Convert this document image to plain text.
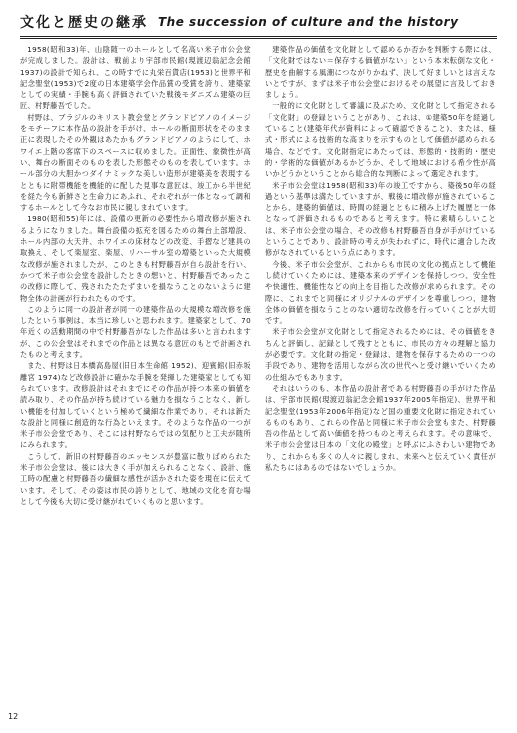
文化と歴史の継承 The succession of culture and the history

1958(昭和33)年、山陰随一のホールとして名高い米子市公会堂が完成しました。設計は、戦前より宇部市民館(現渡辺翁記念会館1937)の設計で知られ、この時すでに丸栄百貨店(1953)と世界平和記念聖堂(1953)で2度の日本建築学会作品賞の受賞を誇り、建築家としての実績・手腕も高く評価されていた戦後モダニズム建築の巨匠、村野藤吾でした。

村野は、ブラジルのキリスト教会堂とグランドピアノのイメージをモチーフに本作品の設計を手がけ、ホールの断面形状をそのまま正に表現したその外観はあたかもグランドピアノのようにして、ホワイエ上階の客席下のスペースに収めました。正面性、象徴性が高い、舞台の断面そのものを表した形態そのものを表しています。ホール部分の大胆かつダイナミックな美しい造形が建築美を表現するとともに附帯機能を機能的に配した見事な意匠は、竣工から半世紀を経た今も新鮮さと生命力にあふれ、それぞれが一体となって調和するホールとして今なお市民に親しまれています。

1980(昭和55)年には、設備の更新の必要性から増改修が施されるようになりました。舞台設備の拡充を図るための舞台上部増設、ホール内部の大天井、ホワイエの床材などの改変、手摺など建具の取換え、そして楽屋室、楽屋、リハーサル室の増築といった大規模な改修が施されましたが、このときも村野藤吾が自ら設計を行い、かつて米子市公会堂を設計したときの想いと、村野藤吾であったこの改修に際して、残されたたたずまいを損なうことのないように建物全体の計画が行われたものです。

このように同一の設計者が同一の建築作品の大規模な増改修を施したという事例は、本当に珍しいと思われます。建築家として、70年近くの活動期間の中で村野藤吾がなした作品は多いと言われますが、この公会堂はそれまでの作品とは異なる意匠のもとで計画されたものと考えます。

また、村野は日本橋高島屋(旧日本生命館 1952)、迎賓館(旧赤坂離宮 1974)など改修設計に確かな手腕を発揮した建築家としても知られています。改修設計はそれまでにその作品が持つ本来の価値を読み取り、その作品が持ち続けている魅力を損なうことなく、新しい機能を付加していくという極めて繊細な作業であり、それは新たな設計と同様に創造的な行為といえます。そのような作品の一つが米子市公会堂であり、そこには村野ならではの気配りと工夫が随所にみられます。

こうして、新旧の村野藤吾のエッセンスが豊富に散りばめられた米子市公会堂は、後には大きく手が加えられることなく、設計、施工時の配慮と村野藤吾の繊細な感性が活かされた姿を現在に伝えています。そして、その姿は市民の誇りとして、地域の文化を育む場として今後も大切に受け継がれていくものと思います。

建築作品の価値を文化財として認めるか否かを判断する際には、「文化財ではない＝保存する価値がない」という本末転倒な文化・歴史を曲解する風潮につながりかねず、決して好ましいとは言えないとですが、まずは米子市公会堂におけるその展望に言及しておきましょう。

一般的に文化財として審議に及ぶため、文化財として指定される「文化財」の登録ということがあり、これは、①建築50年を経過していること(建築年代が資料によって確認できること)、または、様式・形式による技術的な高まりを示すものとして価値が認められる場合、などです。文化財指定にあたっては、形態的・技術的・歴史的・学術的な価値があるかどうか、そして地域における希少性が高いかどうかということから総合的な判断によって選定されます。

米子市公会堂は1958(昭和33)年の竣工ですから、築後50年の経過という基準は満たしていますが、戦後に増改修が施されていることから、建築的価値は、時間の経過とともに積み上げた履歴と一体となって評価されるものであると考えます。特に素晴らしいことは、米子市公会堂の場合、その改修も村野藤吾自身が手がけているということであり、設計時の考えが失われずに、時代に適合した改修がなされているという点にあります。

今後、米子市公会堂が、これからも市民の文化の拠点として機能し続けていくためには、建築本来のデザインを保持しつつ、安全性や快適性、機能性などの向上を目指した改修が求められます。その際に、これまでと同様にオリジナルのデザインを尊重しつつ、建物全体の価値を損なうことのない適切な改修を行っていくことが大切です。

米子市公会堂が文化財として指定されるためには、その価値をきちんと評価し、記録として残すとともに、市民の方々の理解と協力が必要です。文化財の指定・登録は、建物を保存するための一つの手段であり、建物を活用しながら次の世代へと受け継いでいくための仕組みでもあります。

それはいうのも、本作品の設計者である村野藤吾の手がけた作品は、宇部市民館(現渡辺翁記念会館1937年2005年指定)、世界平和記念聖堂(1953年2006年指定)など国の重要文化財に指定されているものもあり、これらの作品と同様に米子市公会堂もまた、村野藤吾の作品として高い価値を持つものと考えられます。その意味で、米子市公会堂は日本の「文化の殿堂」と呼ぶにふさわしい建物であり、これからも多くの人々に親しまれ、未来へと伝えていく責任が私たちにはあるのではないでしょうか。

12
